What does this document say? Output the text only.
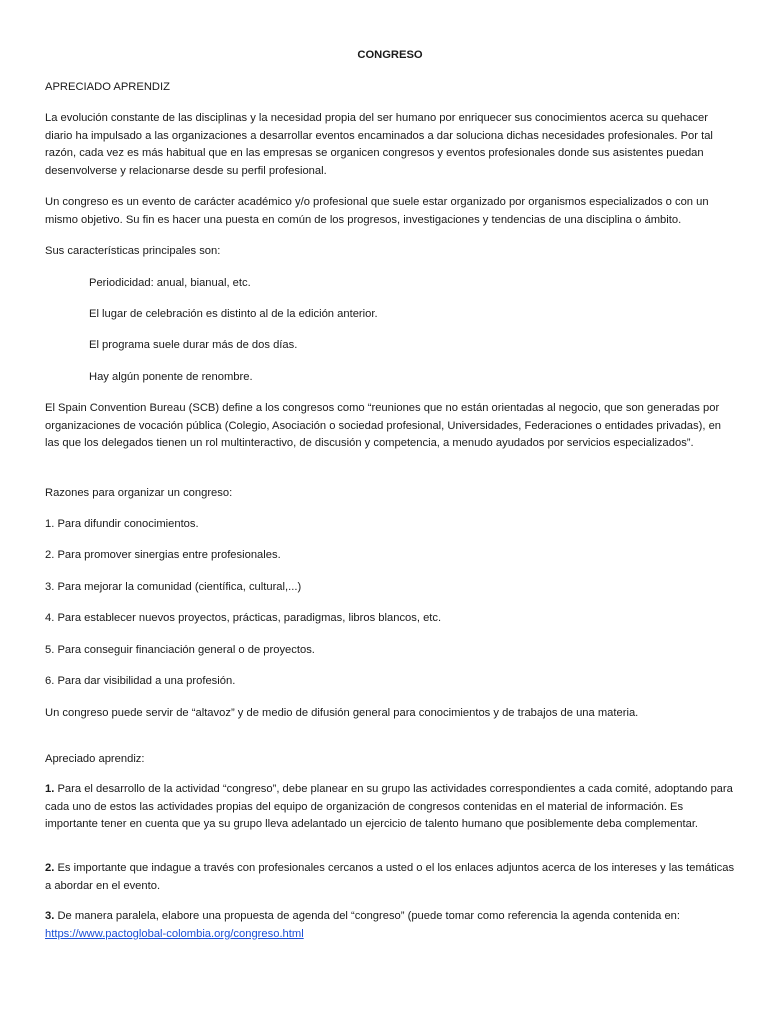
CONGRESO

APRECIADO APRENDIZ

La evolución constante de las disciplinas y la necesidad propia del ser humano por enriquecer sus conocimientos acerca su quehacer diario ha impulsado a las organizaciones a desarrollar eventos encaminados a dar soluciona dichas necesidades profesionales. Por tal razón, cada vez es más habitual que en las empresas se organicen congresos y eventos profesionales donde sus asistentes puedan desenvolverse y relacionarse desde su perfil profesional.

Un congreso es un evento de carácter académico y/o profesional que suele estar organizado por organismos especializados o con un mismo objetivo. Su fin es hacer una puesta en común de los progresos, investigaciones y tendencias de una disciplina o ámbito.

Sus características principales son:

Periodicidad: anual, bianual, etc.

El lugar de celebración es distinto al de la edición anterior.

El programa suele durar más de dos días.

Hay algún ponente de renombre.

El Spain Convention Bureau (SCB) define a los congresos como “reuniones que no están orientadas al negocio, que son generadas por organizaciones de vocación pública (Colegio, Asociación o sociedad profesional, Universidades, Federaciones o entidades privadas), en las que los delegados tienen un rol multinteractivo, de discusión y competencia, a menudo ayudados por servicios especializados”.

Razones para organizar un congreso:

1. Para difundir conocimientos.

2. Para promover sinergias entre profesionales.

3. Para mejorar la comunidad (científica, cultural,...)

4. Para establecer nuevos proyectos, prácticas, paradigmas, libros blancos, etc.

5. Para conseguir financiación general o de proyectos.

6. Para dar visibilidad a una profesión.

Un congreso puede servir de “altavoz” y de medio de difusión general para conocimientos y de trabajos de una materia.

Apreciado aprendiz:

1. Para el desarrollo de la actividad “congreso”, debe planear en su grupo las actividades correspondientes a cada comité, adoptando para cada uno de estos las actividades propias del equipo de organización de congresos contenidas en el material de información. Es importante tener en cuenta que ya su grupo lleva adelantado un ejercicio de talento humano que posiblemente deba complementar.

2. Es importante que indague a través con profesionales cercanos a usted o el los enlaces adjuntos acerca de los intereses y las temáticas a abordar en el evento.

3. De manera paralela, elabore una propuesta de agenda del “congreso” (puede tomar como referencia la agenda contenida en:
https://www.pactoglobal-colombia.org/congreso.html
